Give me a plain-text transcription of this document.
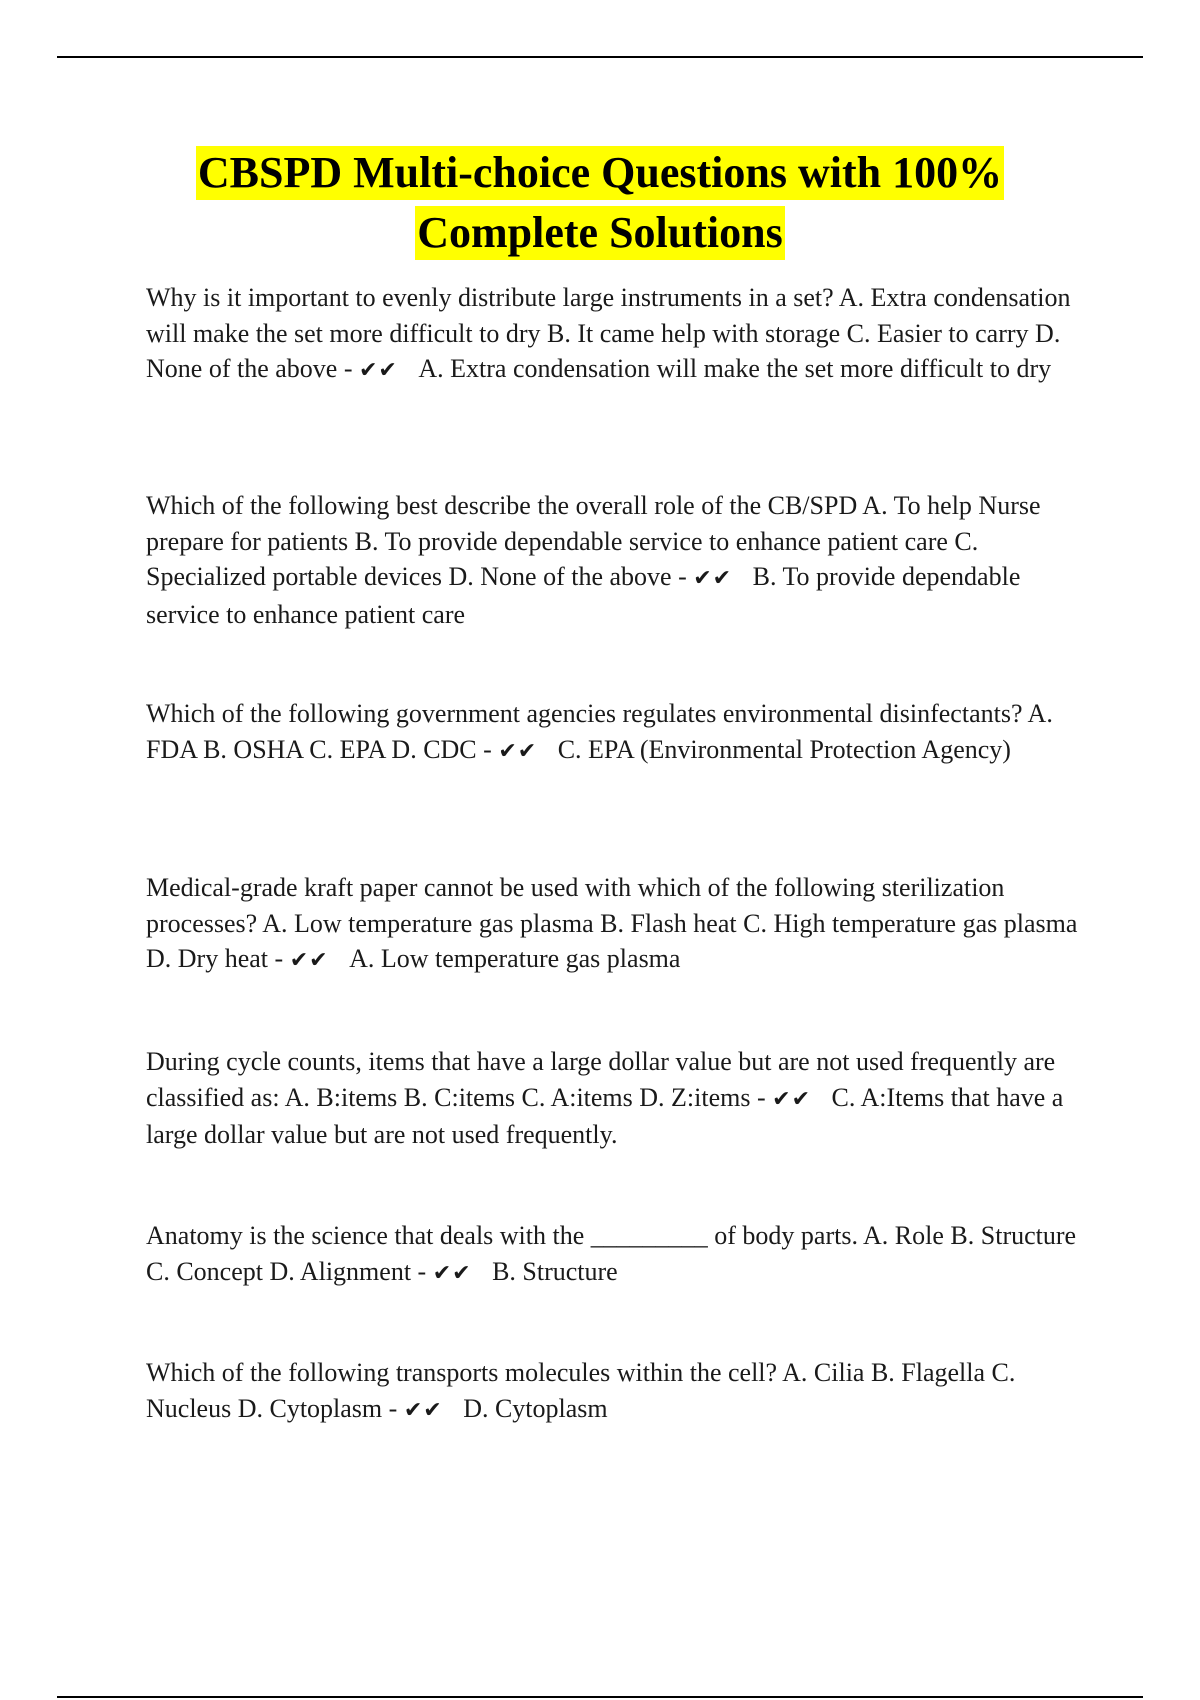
CBSPD Multi-choice Questions with 100%
Complete Solutions
Why is it important to evenly distribute large instruments in a set? A. Extra condensation will make the set more difficult to dry B. It came help with storage C. Easier to carry D. None of the above - ✔✔ A. Extra condensation will make the set more difficult to dry
Which of the following best describe the overall role of the CB/SPD A. To help Nurse prepare for patients B. To provide dependable service to enhance patient care C. Specialized portable devices D. None of the above - ✔✔ B. To provide dependable service to enhance patient care
Which of the following government agencies regulates environmental disinfectants? A. FDA B. OSHA C. EPA D. CDC - ✔✔ C. EPA (Environmental Protection Agency)
Medical-grade kraft paper cannot be used with which of the following sterilization processes? A. Low temperature gas plasma B. Flash heat C. High temperature gas plasma D. Dry heat - ✔✔ A. Low temperature gas plasma
During cycle counts, items that have a large dollar value but are not used frequently are classified as: A. B:items B. C:items C. A:items D. Z:items - ✔✔ C. A:Items that have a large dollar value but are not used frequently.
Anatomy is the science that deals with the _________ of body parts. A. Role B. Structure C. Concept D. Alignment - ✔✔ B. Structure
Which of the following transports molecules within the cell? A. Cilia B. Flagella C. Nucleus D. Cytoplasm - ✔✔ D. Cytoplasm
